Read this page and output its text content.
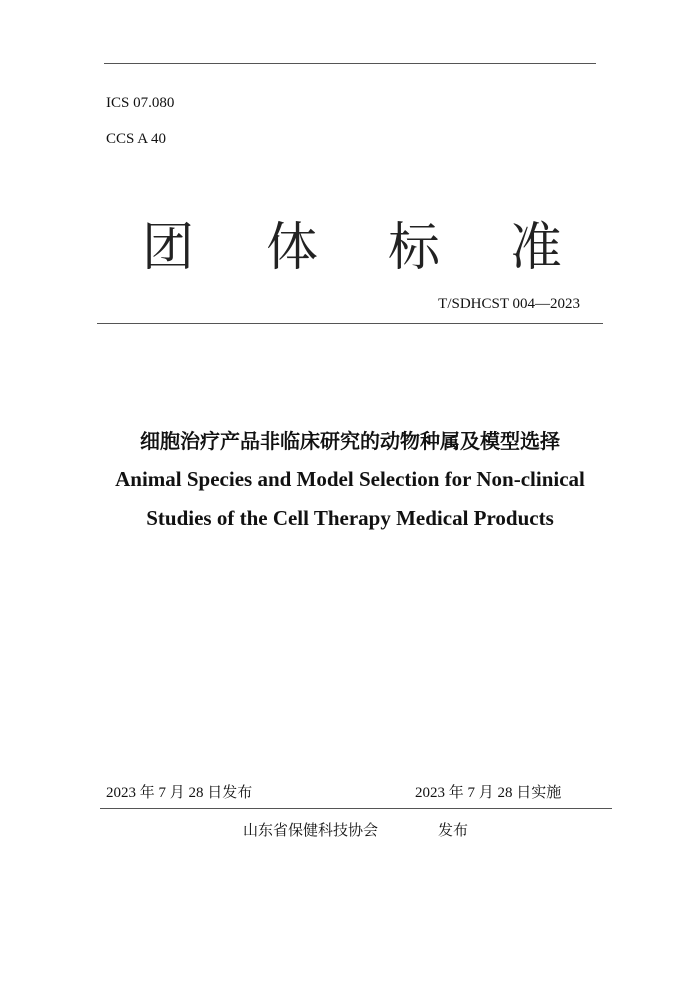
ICS 07.080
CCS A 40
团 体 标 准
T/SDHCST 004—2023
细胞治疗产品非临床研究的动物种属及模型选择
Animal Species and Model Selection for Non-clinical
Studies of the Cell Therapy Medical Products
2023 年 7 月 28 日发布	2023 年 7 月 28 日实施
山东省保健科技协会	发布
